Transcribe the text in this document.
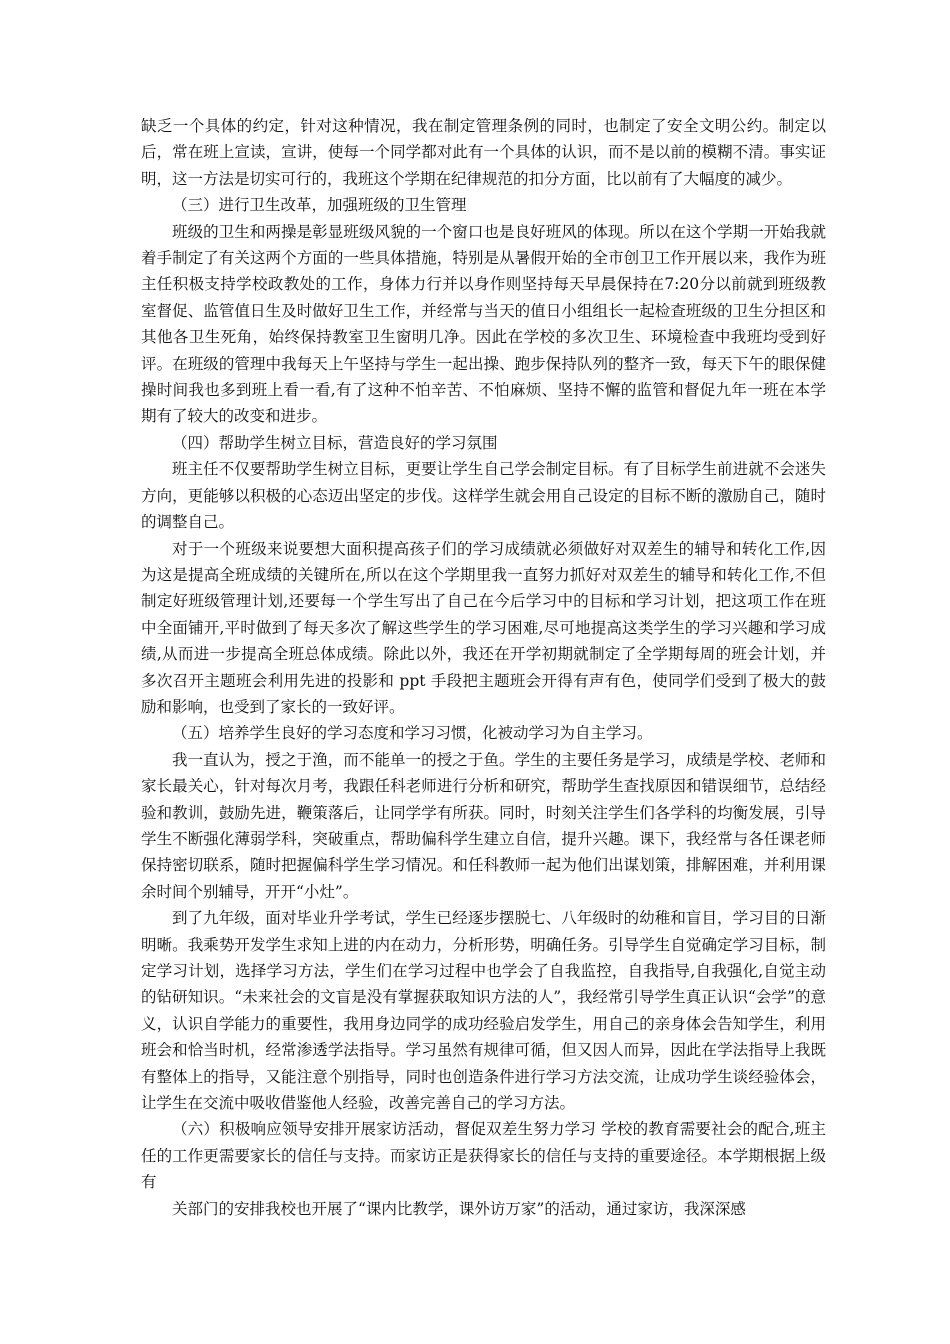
缺乏一个具体的约定，针对这种情况，我在制定管理条例的同时，也制定了安全文明公约。制定以后，常在班上宣读，宣讲，使每一个同学都对此有一个具体的认识，而不是以前的模糊不清。事实证明，这一方法是切实可行的，我班这个学期在纪律规范的扣分方面，比以前有了大幅度的减少。

（三）进行卫生改革，加强班级的卫生管理

班级的卫生和两操是彰显班级风貌的一个窗口也是良好班风的体现。所以在这个学期一开始我就着手制定了有关这两个方面的一些具体措施，特别是从暑假开始的全市创卫工作开展以来，我作为班主任积极支持学校政教处的工作，身体力行并以身作则坚持每天早晨保持在7:20分以前就到班级教室督促、监管值日生及时做好卫生工作，并经常与当天的值日小组组长一起检查班级的卫生分担区和其他各卫生死角，始终保持教室卫生窗明几净。因此在学校的多次卫生、环境检查中我班均受到好评。在班级的管理中我每天上午坚持与学生一起出操、跑步保持队列的整齐一致，每天下午的眼保健操时间我也多到班上看一看,有了这种不怕辛苦、不怕麻烦、坚持不懈的监管和督促九年一班在本学期有了较大的改变和进步。

（四）帮助学生树立目标，营造良好的学习氛围

班主任不仅要帮助学生树立目标，更要让学生自己学会制定目标。有了目标学生前进就不会迷失方向，更能够以积极的心态迈出坚定的步伐。这样学生就会用自己设定的目标不断的激励自己，随时的调整自己。

对于一个班级来说要想大面积提高孩子们的学习成绩就必须做好对双差生的辅导和转化工作,因为这是提高全班成绩的关键所在,所以在这个学期里我一直努力抓好对双差生的辅导和转化工作,不但制定好班级管理计划,还要每一个学生写出了自己在今后学习中的目标和学习计划，把这项工作在班中全面铺开,平时做到了每天多次了解这些学生的学习困难,尽可地提高这类学生的学习兴趣和学习成绩,从而进一步提高全班总体成绩。除此以外，我还在开学初期就制定了全学期每周的班会计划，并多次召开主题班会利用先进的投影和 ppt 手段把主题班会开得有声有色，使同学们受到了极大的鼓励和影响，也受到了家长的一致好评。

（五）培养学生良好的学习态度和学习习惯，化被动学习为自主学习。

我一直认为，授之于渔，而不能单一的授之于鱼。学生的主要任务是学习，成绩是学校、老师和家长最关心，针对每次月考，我跟任科老师进行分析和研究，帮助学生查找原因和错误细节，总结经验和教训，鼓励先进，鞭策落后，让同学学有所获。同时，时刻关注学生们各学科的均衡发展，引导学生不断强化薄弱学科，突破重点，帮助偏科学生建立自信，提升兴趣。课下，我经常与各任课老师保持密切联系，随时把握偏科学生学习情况。和任科教师一起为他们出谋划策，排解困难，并利用课余时间个别辅导，开开“小灶”。

到了九年级，面对毕业升学考试，学生已经逐步摆脱七、八年级时的幼稚和盲目，学习目的日渐明晰。我乘势开发学生求知上进的内在动力，分析形势，明确任务。引导学生自觉确定学习目标，制定学习计划，选择学习方法，学生们在学习过程中也学会了自我监控，自我指导,自我强化,自觉主动的钻研知识。“未来社会的文盲是没有掌握获取知识方法的人”，我经常引导学生真正认识“会学”的意义，认识自学能力的重要性，我用身边同学的成功经验启发学生，用自己的亲身体会告知学生，利用班会和恰当时机，经常渗透学法指导。学习虽然有规律可循，但又因人而异，因此在学法指导上我既有整体上的指导，又能注意个别指导，同时也创造条件进行学习方法交流，让成功学生谈经验体会，让学生在交流中吸收借鉴他人经验，改善完善自己的学习方法。

（六）积极响应领导安排开展家访活动，督促双差生努力学习 学校的教育需要社会的配合,班主任的工作更需要家长的信任与支持。而家访正是获得家长的信任与支持的重要途径。本学期根据上级有

关部门的安排我校也开展了“课内比教学，课外访万家”的活动，通过家访，我深深感
